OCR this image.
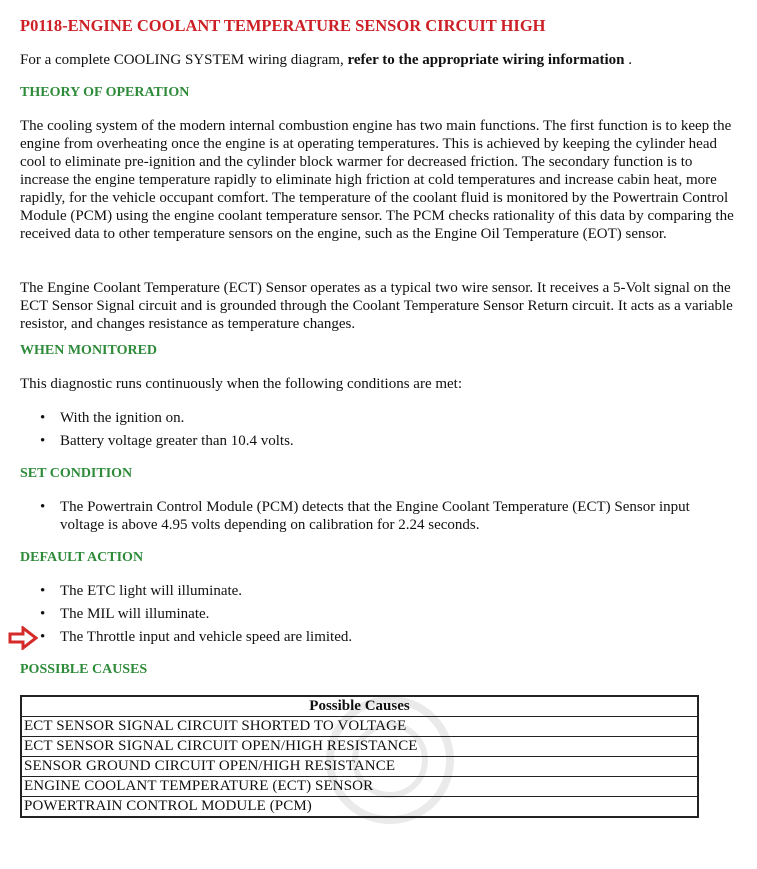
P0118-ENGINE COOLANT TEMPERATURE SENSOR CIRCUIT HIGH
For a complete COOLING SYSTEM wiring diagram, refer to the appropriate wiring information .
THEORY OF OPERATION

The cooling system of the modern internal combustion engine has two main functions. The first function is to keep the engine from overheating once the engine is at operating temperatures. This is achieved by keeping the cylinder head cool to eliminate pre-ignition and the cylinder block warmer for decreased friction. The secondary function is to increase the engine temperature rapidly to eliminate high friction at cold temperatures and increase cabin heat, more rapidly, for the vehicle occupant comfort. The temperature of the coolant fluid is monitored by the Powertrain Control Module (PCM) using the engine coolant temperature sensor. The PCM checks rationality of this data by comparing the received data to other temperature sensors on the engine, such as the Engine Oil Temperature (EOT) sensor.

The Engine Coolant Temperature (ECT) Sensor operates as a typical two wire sensor. It receives a 5-Volt signal on the ECT Sensor Signal circuit and is grounded through the Coolant Temperature Sensor Return circuit. It acts as a variable resistor, and changes resistance as temperature changes.

WHEN MONITORED

This diagnostic runs continuously when the following conditions are met:

• With the ignition on.
• Battery voltage greater than 10.4 volts.
SET CONDITION
• The Powertrain Control Module (PCM) detects that the Engine Coolant Temperature (ECT) Sensor input voltage is above 4.95 volts depending on calibration for 2.24 seconds.
DEFAULT ACTION
• The ETC light will illuminate.
• The MIL will illuminate.
• The Throttle input and vehicle speed are limited.
POSSIBLE CAUSES
Possible Causes
ECT SENSOR SIGNAL CIRCUIT SHORTED TO VOLTAGE
ECT SENSOR SIGNAL CIRCUIT OPEN/HIGH RESISTANCE
SENSOR GROUND CIRCUIT OPEN/HIGH RESISTANCE
ENGINE COOLANT TEMPERATURE (ECT) SENSOR
POWERTRAIN CONTROL MODULE (PCM)
